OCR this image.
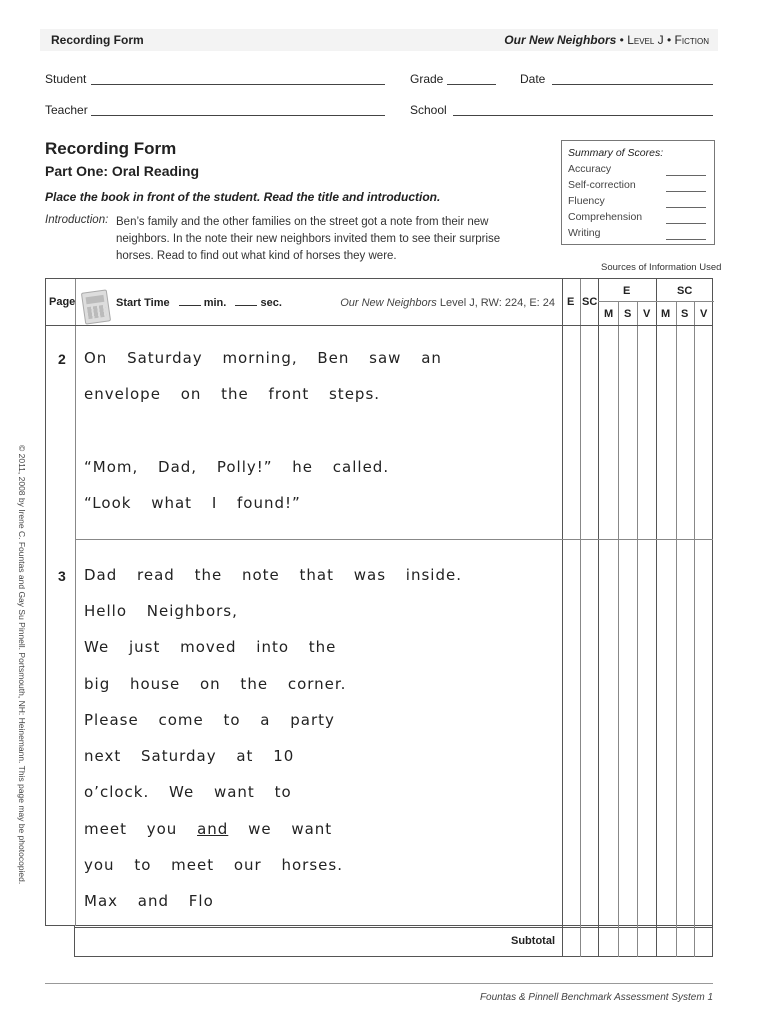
Recording Form	Our New Neighbors • Level J • Fiction
Student	Grade	Date
Teacher	School
Recording Form
Part One: Oral Reading
Place the book in front of the student. Read the title and introduction.
Introduction: Ben’s family and the other families on the street got a note from their new neighbors. In the note their new neighbors invited them to see their surprise horses. Read to find out what kind of horses they were.
Summary of Scores:
Accuracy
Self-correction
Fluency
Comprehension
Writing
Sources of Information Used
© 2011, 2008 by Irene C. Fountas and Gay Su Pinnell. Portsmouth, NH: Heinemann. This page may be photocopied.
Page	Start Time	min.	sec.	Our New Neighbors Level J, RW: 224, E: 24 E SC
E	SC
M S V M S V
2 On Saturday morning, Ben saw an
envelope on the front steps.
“Mom, Dad, Polly!” he called.
“Look what I found!”
3 Dad read the note that was inside.
Hello Neighbors,
We just moved into the
big house on the corner.
Please come to a party
next Saturday at 10
o’clock. We want to
meet you and we want
you to meet our horses.
Max and Flo
Subtotal
Fountas & Pinnell Benchmark Assessment System 1
